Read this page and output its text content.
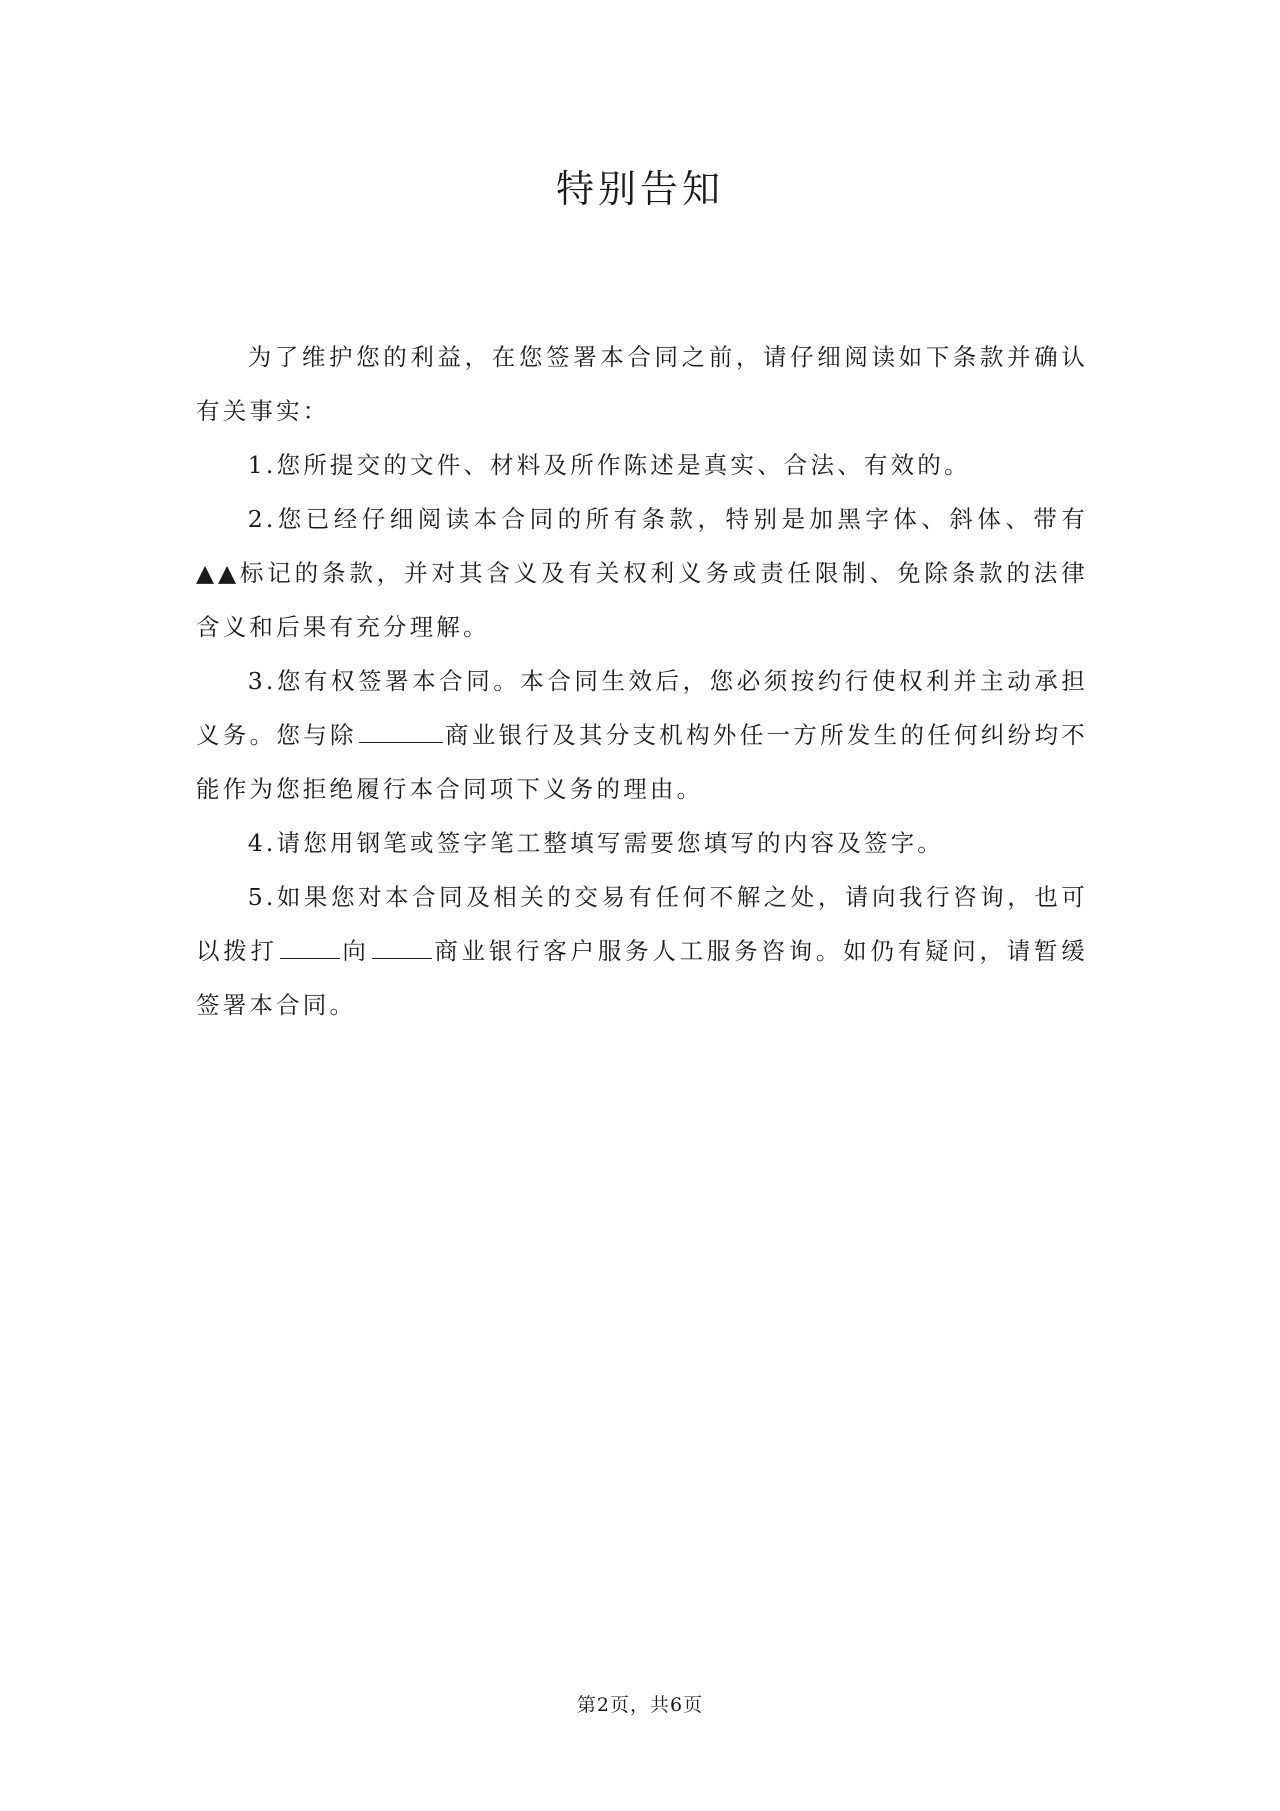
特别告知

为了维护您的利益，在您签署本合同之前，请仔细阅读如下条款并确认有关事实：

1.您所提交的文件、材料及所作陈述是真实、合法、有效的。

2.您已经仔细阅读本合同的所有条款，特别是加黑字体、斜体、带有▲▲标记的条款，并对其含义及有关权利义务或责任限制、免除条款的法律含义和后果有充分理解。

3.您有权签署本合同。本合同生效后，您必须按约行使权利并主动承担义务。您与除	商业银行及其分支机构外任一方所发生的任何纠纷均不能作为您拒绝履行本合同项下义务的理由。

4.请您用钢笔或签字笔工整填写需要您填写的内容及签字。

5.如果您对本合同及相关的交易有任何不解之处，请向我行咨询，也可以拨打	向	商业银行客户服务人工服务咨询。如仍有疑问，请暂缓签署本合同。

第2页，共6页
